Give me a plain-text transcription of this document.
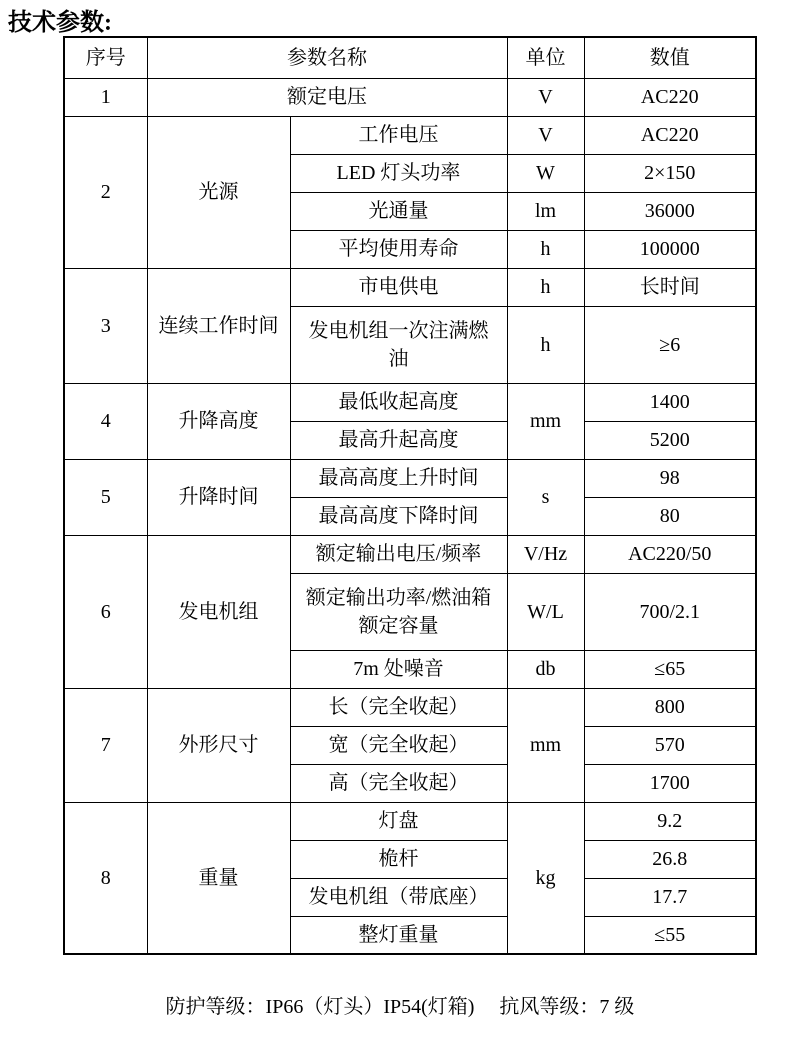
技术参数:
序号	参数名称		单位	数值
1	额定电压		V	AC220
2	光源	工作电压	V	AC220
		LED 灯头功率	W	2×150
		光通量	lm	36000
		平均使用寿命	h	100000
3	连续工作时间	市电供电	h	长时间
		发电机组一次注满燃油	h	≥6
4	升降高度	最低收起高度	mm	1400
		最高升起高度		5200
5	升降时间	最高高度上升时间	s	98
		最高高度下降时间		80
6	发电机组	额定输出电压/频率	V/Hz	AC220/50
		额定输出功率/燃油箱额定容量	W/L	700/2.1
		7m 处噪音	db	≤65
7	外形尺寸	长（完全收起）	mm	800
		宽（完全收起）		570
		高（完全收起）		1700
8	重量	灯盘	kg	9.2
		桅杆		26.8
		发电机组（带底座）		17.7
		整灯重量		≤55
防护等级：IP66（灯头）IP54(灯箱)　 抗风等级：7 级
